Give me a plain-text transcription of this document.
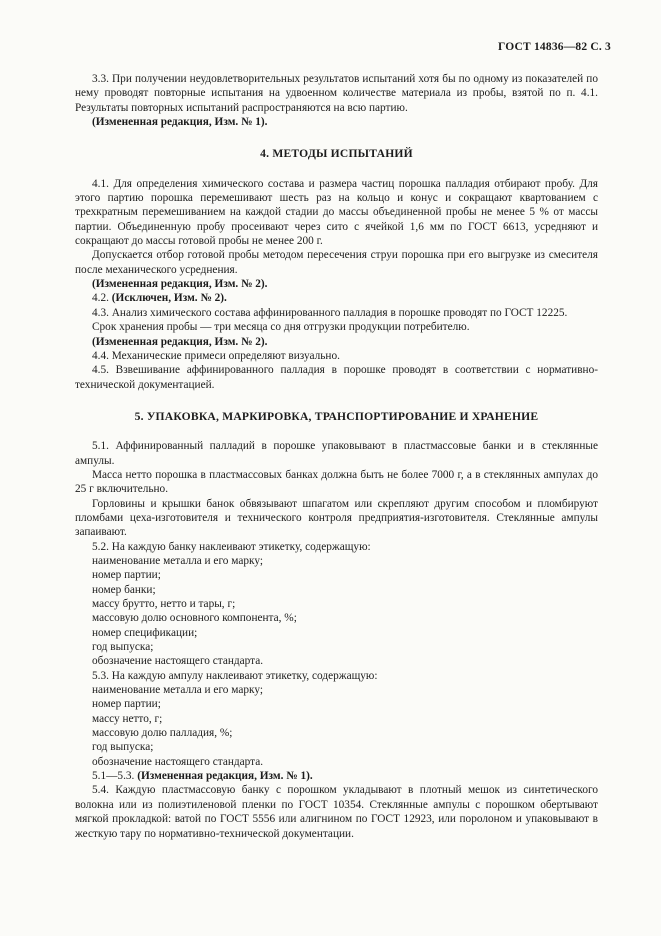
ГОСТ 14836—82 С. 3

3.3. При получении неудовлетворительных результатов испытаний хотя бы по одному из показателей по нему проводят повторные испытания на удвоенном количестве материала из пробы, взятой по п. 4.1. Результаты повторных испытаний распространяются на всю партию.

(Измененная редакция, Изм. № 1).

4. МЕТОДЫ ИСПЫТАНИЙ

4.1. Для определения химического состава и размера частиц порошка палладия отбирают пробу. Для этого партию порошка перемешивают шесть раз на кольцо и конус и сокращают квартованием с трехкратным перемешиванием на каждой стадии до массы объединенной пробы не менее 5 % от массы партии. Объединенную пробу просеивают через сито с ячейкой 1,6 мм по ГОСТ 6613, усредняют и сокращают до массы готовой пробы не менее 200 г.

Допускается отбор готовой пробы методом пересечения струи порошка при его выгрузке из смесителя после механического усреднения.

(Измененная редакция, Изм. № 2).

4.2. (Исключен, Изм. № 2).

4.3. Анализ химического состава аффинированного палладия в порошке проводят по ГОСТ 12225.

Срок хранения пробы — три месяца со дня отгрузки продукции потребителю.

(Измененная редакция, Изм. № 2).

4.4. Механические примеси определяют визуально.

4.5. Взвешивание аффинированного палладия в порошке проводят в соответствии с нормативно-технической документацией.

5. УПАКОВКА, МАРКИРОВКА, ТРАНСПОРТИРОВАНИЕ И ХРАНЕНИЕ

5.1. Аффинированный палладий в порошке упаковывают в пластмассовые банки и в стеклянные ампулы.

Масса нетто порошка в пластмассовых банках должна быть не более 7000 г, а в стеклянных ампулах до 25 г включительно.

Горловины и крышки банок обвязывают шпагатом или скрепляют другим способом и пломбируют пломбами цеха-изготовителя и технического контроля предприятия-изготовителя. Стеклянные ампулы запаивают.

5.2. На каждую банку наклеивают этикетку, содержащую:

наименование металла и его марку;

номер партии;

номер банки;

массу брутто, нетто и тары, г;

массовую долю основного компонента, %;

номер спецификации;

год выпуска;

обозначение настоящего стандарта.

5.3. На каждую ампулу наклеивают этикетку, содержащую:

наименование металла и его марку;

номер партии;

массу нетто, г;

массовую долю палладия, %;

год выпуска;

обозначение настоящего стандарта.

5.1—5.3. (Измененная редакция, Изм. № 1).

5.4. Каждую пластмассовую банку с порошком укладывают в плотный мешок из синтетического волокна или из полиэтиленовой пленки по ГОСТ 10354. Стеклянные ампулы с порошком обертывают мягкой прокладкой: ватой по ГОСТ 5556 или алигнином по ГОСТ 12923, или поролоном и упаковывают в жесткую тару по нормативно-технической документации.
